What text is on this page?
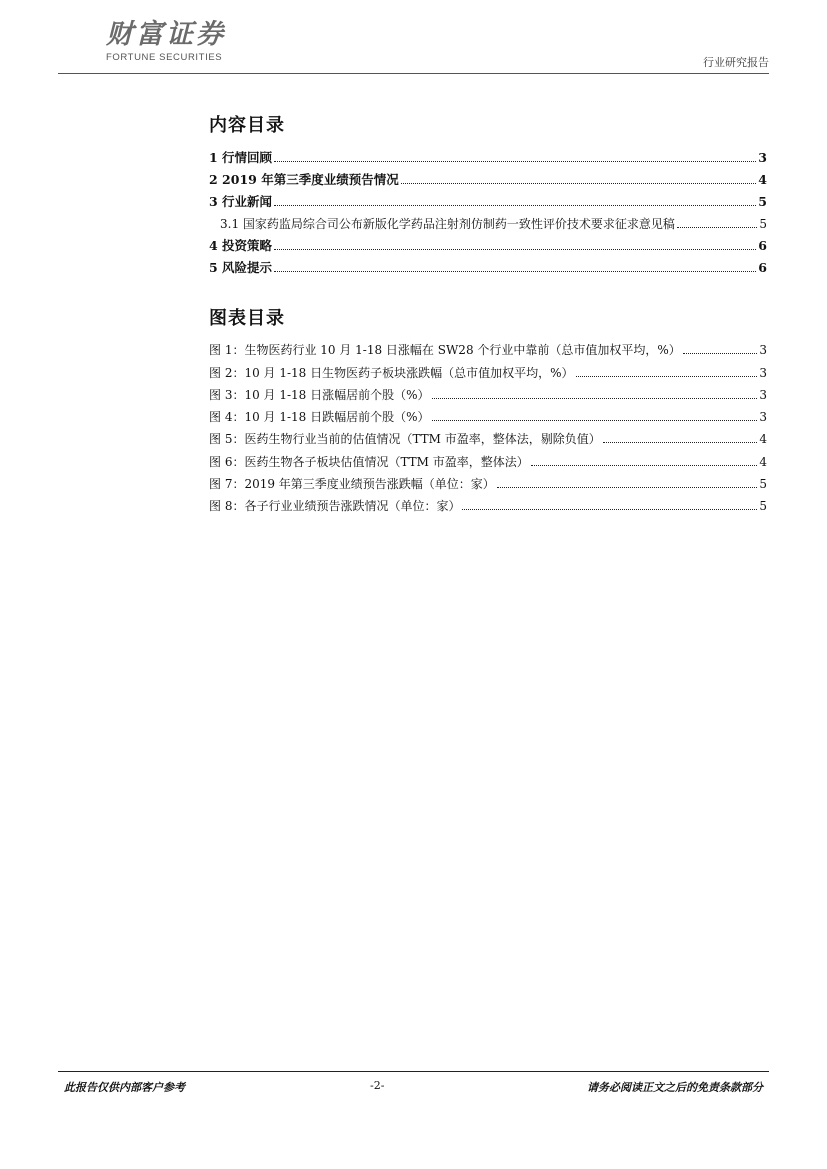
财富证券
FORTUNE SECURITIES	行业研究报告
内容目录
1 行情回顾	3
2 2019 年第三季度业绩预告情况	4
3 行业新闻	5
3.1 国家药监局综合司公布新版化学药品注射剂仿制药一致性评价技术要求征求意见稿	5
4 投资策略	6
5 风险提示	6
图表目录
图 1：生物医药行业 10 月 1-18 日涨幅在 SW28 个行业中靠前（总市值加权平均，%）	3
图 2：10 月 1-18 日生物医药子板块涨跌幅（总市值加权平均，%）	3
图 3：10 月 1-18 日涨幅居前个股（%）	3
图 4：10 月 1-18 日跌幅居前个股（%）	3
图 5：医药生物行业当前的估值情况（TTM 市盈率，整体法，剔除负值）	4
图 6：医药生物各子板块估值情况（TTM 市盈率，整体法）	4
图 7：2019 年第三季度业绩预告涨跌幅（单位：家）	5
图 8：各子行业业绩预告涨跌情况（单位：家）	5
此报告仅供内部客户参考	-2-	请务必阅读正文之后的免责条款部分
